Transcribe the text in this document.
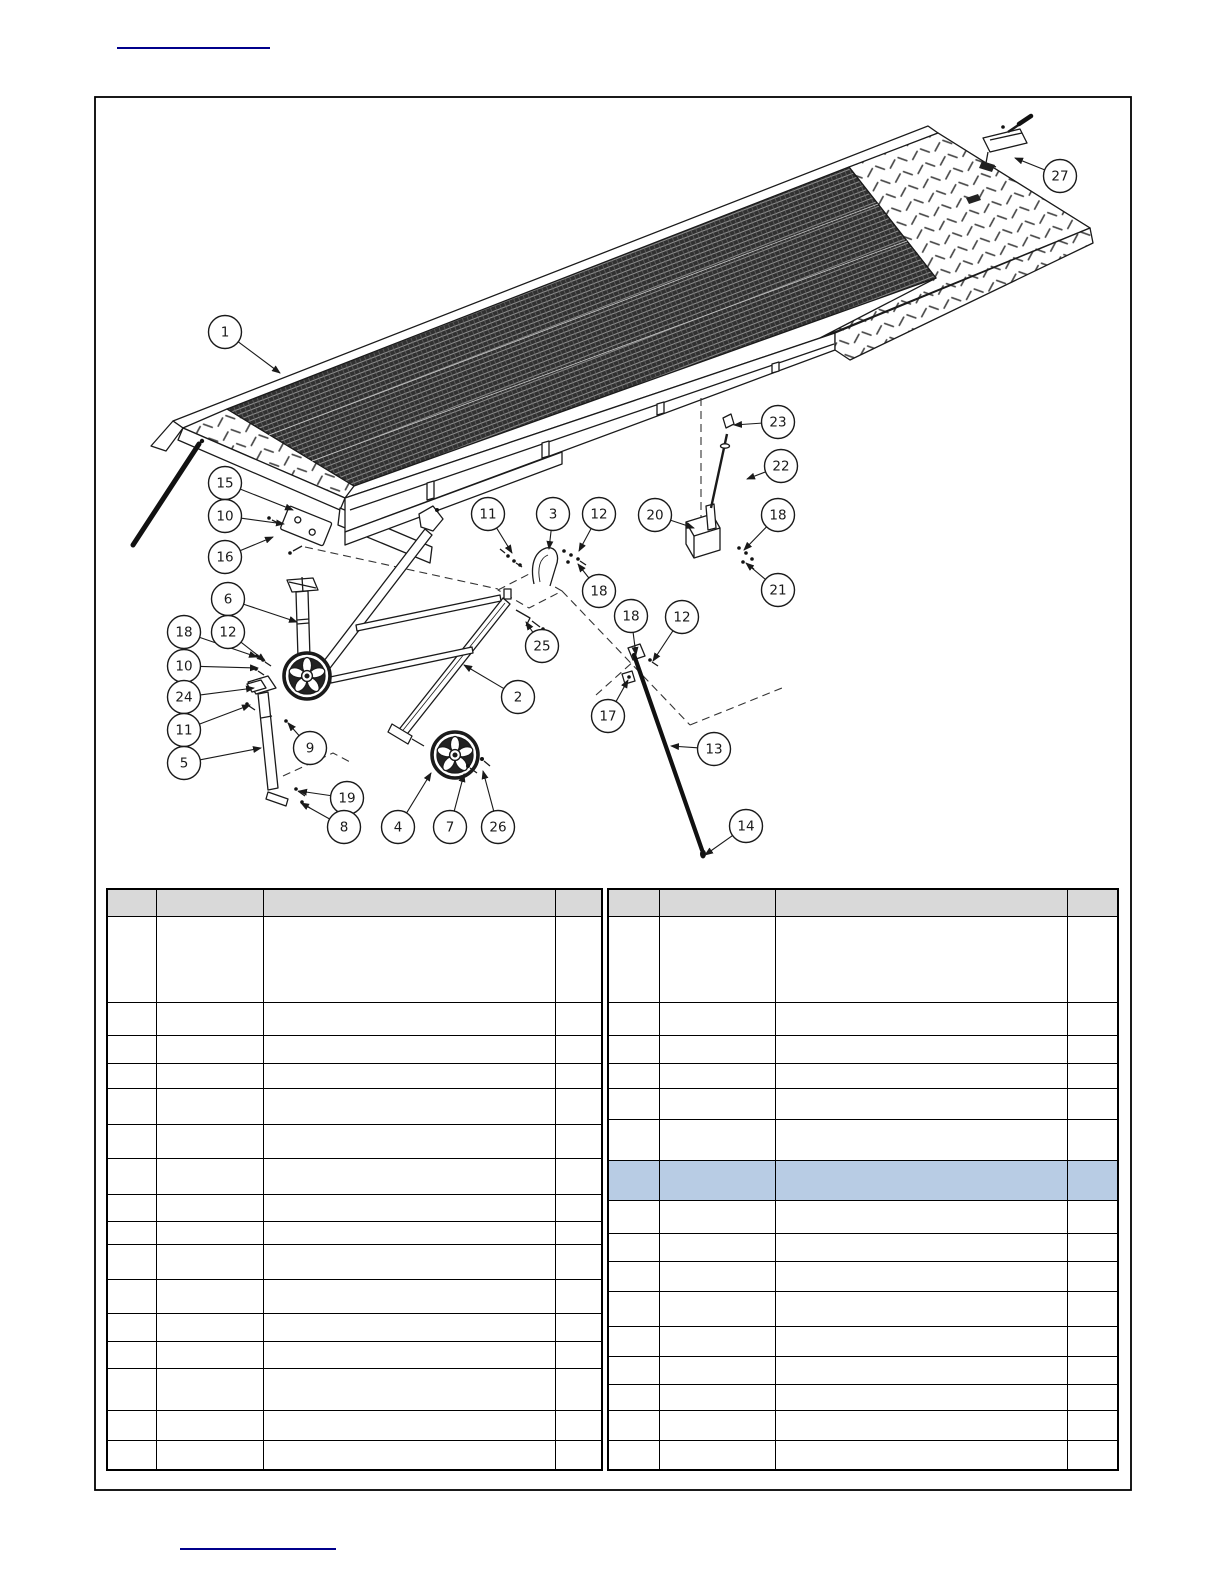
1
15
10
16
6
18 12
10
24
11
5
9
19
8	4	7	26
11	3 12
18
25
2
18	12
17
20	18
21
23
22
13
14
27
